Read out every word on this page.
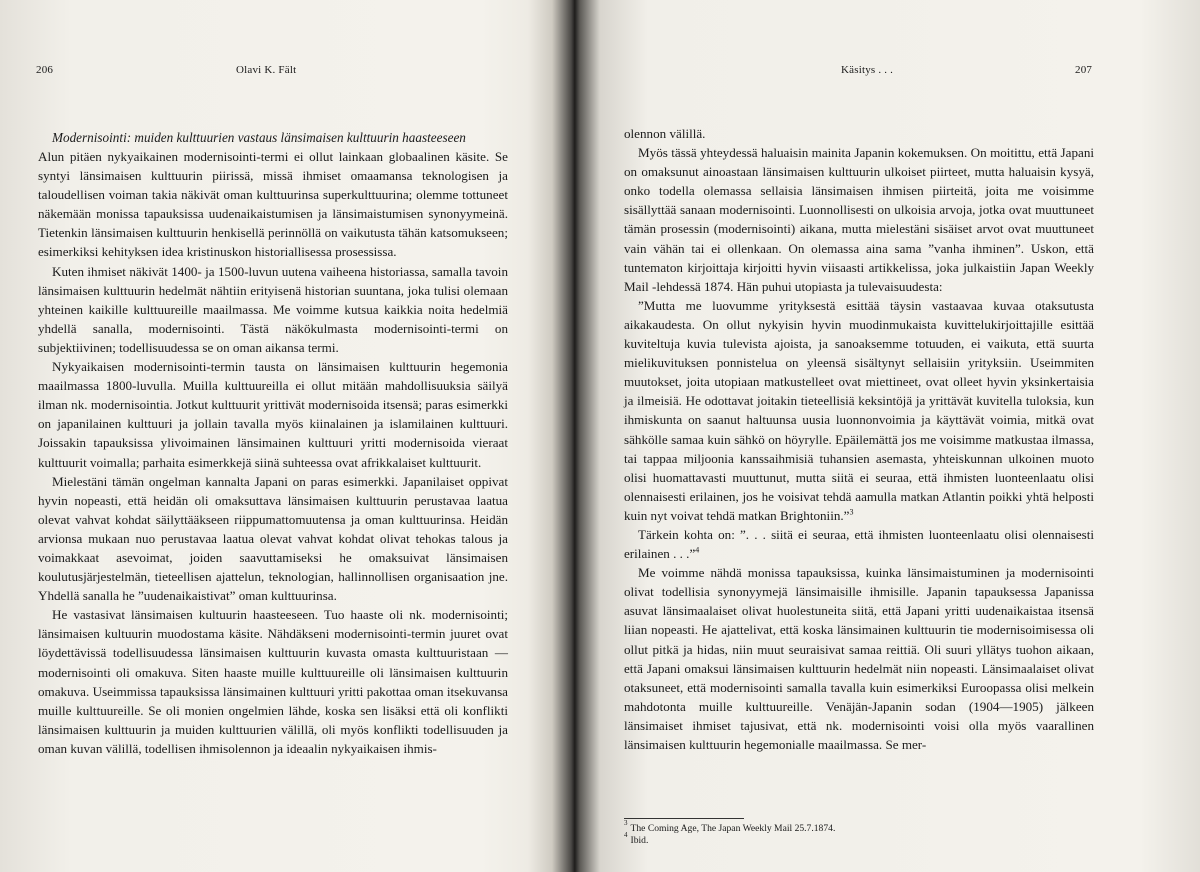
206	Olavi K. Fält

Modernisointi: muiden kulttuurien vastaus länsimaisen kulttuurin haasteeseen

Alun pitäen nykyaikainen modernisointi-termi ei ollut lainkaan globaalinen käsite. Se syntyi länsimaisen kulttuurin piirissä, missä ihmiset omaamansa teknologisen ja taloudellisen voiman takia näkivät oman kulttuurinsa superkulttuurina; olemme tottuneet näkemään monissa tapauksissa uudenaikaistumisen ja länsimaistumisen synonyymeinä. Tietenkin länsimaisen kulttuurin henkisellä perinnöllä on vaikutusta tähän katsomukseen; esimerkiksi kehityksen idea kristinuskon historiallisessa prosessissa.

Kuten ihmiset näkivät 1400- ja 1500-luvun uutena vaiheena historiassa, samalla tavoin länsimaisen kulttuurin hedelmät nähtiin erityisenä historian suuntana, joka tulisi olemaan yhteinen kaikille kulttuureille maailmassa. Me voimme kutsua kaikkia noita hedelmiä yhdellä sanalla, modernisointi. Tästä näkökulmasta modernisointi-termi on subjektiivinen; todellisuudessa se on oman aikansa termi.

Nykyaikaisen modernisointi-termin tausta on länsimaisen kulttuurin hegemonia maailmassa 1800-luvulla. Muilla kulttuureilla ei ollut mitään mahdollisuuksia säilyä ilman nk. modernisointia. Jotkut kulttuurit yrittivät modernisoida itsensä; paras esimerkki on japanilainen kulttuuri ja jollain tavalla myös kiinalainen ja islamilainen kulttuuri. Joissakin tapauksissa ylivoimainen länsimainen kulttuuri yritti modernisoida vieraat kulttuurit voimalla; parhaita esimerkkejä siinä suhteessa ovat afrikkalaiset kulttuurit.

Mielestäni tämän ongelman kannalta Japani on paras esimerkki. Japanilaiset oppivat hyvin nopeasti, että heidän oli omaksuttava länsimaisen kulttuurin perustavaa laatua olevat vahvat kohdat säilyttääkseen riippumattomuutensa ja oman kulttuurinsa. Heidän arvionsa mukaan nuo perustavaa laatua olevat vahvat kohdat olivat tehokas talous ja voimakkaat asevoimat, joiden saavuttamiseksi he omaksuivat länsimaisen koulutusjärjestelmän, tieteellisen ajattelun, teknologian, hallinnollisen organisaation jne. Yhdellä sanalla he ”uudenaikaistivat” oman kulttuurinsa.

He vastasivat länsimaisen kultuurin haasteeseen. Tuo haaste oli nk. modernisointi; länsimaisen kultuurin muodostama käsite. Nähdäkseni modernisointi-termin juuret ovat löydettävissä todellisuudessa länsimaisen kulttuurin kuvasta omasta kulttuuristaan — modernisointi oli omakuva. Siten haaste muille kulttuureille oli länsimaisen kulttuurin omakuva. Useimmissa tapauksissa länsimainen kulttuuri yritti pakottaa oman itsekuvansa muille kulttuureille. Se oli monien ongelmien lähde, koska sen lisäksi että oli konflikti länsimaisen kulttuurin ja muiden kulttuurien välillä, oli myös konflikti todellisuuden ja oman kuvan välillä, todellisen ihmisolennon ja ideaalin nykyaikaisen ihmis-

Käsitys . . .	207

olennon välillä.

Myös tässä yhteydessä haluaisin mainita Japanin kokemuksen. On moitittu, että Japani on omaksunut ainoastaan länsimaisen kulttuurin ulkoiset piirteet, mutta haluaisin kysyä, onko todella olemassa sellaisia länsimaisen ihmisen piirteitä, joita me voisimme sisällyttää sanaan modernisointi. Luonnollisesti on ulkoisia arvoja, jotka ovat muuttuneet tämän prosessin (modernisointi) aikana, mutta mielestäni sisäiset arvot ovat muuttuneet vain vähän tai ei ollenkaan. On olemassa aina sama ”vanha ihminen”. Uskon, että tuntematon kirjoittaja kirjoitti hyvin viisaasti artikkelissa, joka julkaistiin Japan Weekly Mail -lehdessä 1874. Hän puhui utopiasta ja tulevaisuudesta:

”Mutta me luovumme yrityksestä esittää täysin vastaavaa kuvaa otaksutusta aikakaudesta. On ollut nykyisin hyvin muodinmukaista kuvittelukirjoittajille esittää kuviteltuja kuvia tulevista ajoista, ja sanoaksemme totuuden, ei vaikuta, että suurta mielikuvituksen ponnistelua on yleensä sisältynyt sellaisiin yrityksiin. Useimmiten muutokset, joita utopiaan matkustelleet ovat miettineet, ovat olleet hyvin yksinkertaisia ja ilmeisiä. He odottavat joitakin tieteellisiä keksintöjä ja yrittävät kuvitella tuloksia, kun ihmiskunta on saanut haltuunsa uusia luonnonvoimia ja käyttävät voimia, mitkä ovat sähkölle samaa kuin sähkö on höyrylle. Epäilemättä jos me voisimme matkustaa ilmassa, tai tappaa miljoonia kanssaihmisiä tuhansien asemasta, yhteiskunnan ulkoinen muoto olisi huomattavasti muuttunut, mutta siitä ei seuraa, että ihmisten luonteenlaatu olisi olennaisesti erilainen, jos he voisivat tehdä aamulla matkan Atlantin poikki yhtä helposti kuin nyt voivat tehdä matkan Brightoniin.”$^3$

Tärkein kohta on: ”. . . siitä ei seuraa, että ihmisten luonteenlaatu olisi olennaisesti erilainen . . .”$^4$

Me voimme nähdä monissa tapauksissa, kuinka länsimaistuminen ja modernisointi olivat todellisia synonyymejä länsimaisille ihmisille. Japanin tapauksessa Japanissa asuvat länsimaalaiset olivat huolestuneita siitä, että Japani yritti uudenaikaistaa itsensä liian nopeasti. He ajattelivat, että koska länsimainen kulttuurin tie modernisoimisessa oli ollut pitkä ja hidas, niin muut seuraisivat samaa reittiä. Oli suuri yllätys tuohon aikaan, että Japani omaksui länsimaisen kulttuurin hedelmät niin nopeasti. Länsimaalaiset olivat otaksuneet, että modernisointi samalla tavalla kuin esimerkiksi Euroopassa olisi melkein mahdotonta muille kulttuureille. Venäjän-Japanin sodan (1904—1905) jälkeen länsimaiset ihmiset tajusivat, että nk. modernisointi voisi olla myös vaarallinen länsimaisen kulttuurin hegemonialle maailmassa. Se mer-

3 The Coming Age, The Japan Weekly Mail 25.7.1874.
4 Ibid.
